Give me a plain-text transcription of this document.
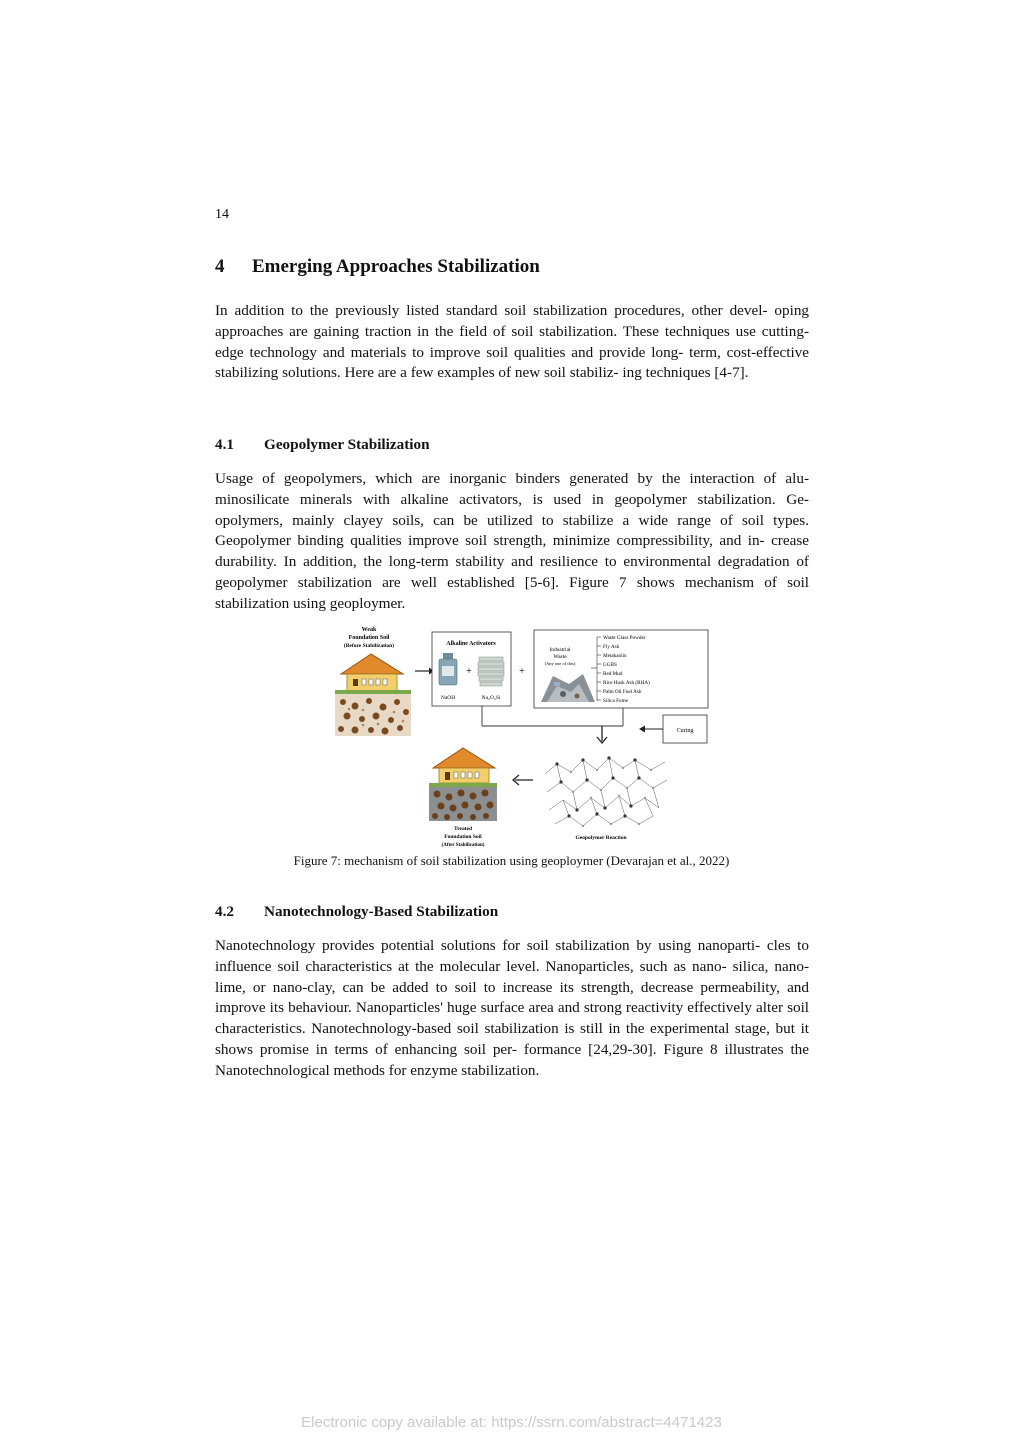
14
4 Emerging Approaches Stabilization

In addition to the previously listed standard soil stabilization procedures, other devel- oping approaches are gaining traction in the field of soil stabilization. These techniques use cutting-edge technology and materials to improve soil qualities and provide long- term, cost-effective stabilizing solutions. Here are a few examples of new soil stabiliz- ing techniques [4-7].

4.1 Geopolymer Stabilization

Usage of geopolymers, which are inorganic binders generated by the interaction of alu- minosilicate minerals with alkaline activators, is used in geopolymer stabilization. Ge- opolymers, mainly clayey soils, can be utilized to stabilize a wide range of soil types. Geopolymer binding qualities improve soil strength, minimize compressibility, and in- crease durability. In addition, the long-term stability and resilience to environmental degradation of geopolymer stabilization are well established [5-6]. Figure 7 shows mechanism of soil stabilization using geoploymer.

Weak
Foundation Soil
(Before Stabilization)	Alkaline Activators
+
NaOH	Na₂O₂Si
+
Industrial
Waste
(Any one of this)
Waste Glass Powder
Fly Ash
Metakaolin
GGBS
Red Mud
Rice Husk Ash (RHA)
Palm Oil Fuel Ash
Silica Fume
Curing
Geopolymer Reaction
Treated
Foundation Soil
(After Stabilization)
Figure 7: mechanism of soil stabilization using geoploymer (Devarajan et al., 2022)
4.2 Nanotechnology-Based Stabilization

Nanotechnology provides potential solutions for soil stabilization by using nanoparti- cles to influence soil characteristics at the molecular level. Nanoparticles, such as nano- silica, nano-lime, or nano-clay, can be added to soil to increase its strength, decrease permeability, and improve its behaviour. Nanoparticles' huge surface area and strong reactivity effectively alter soil characteristics. Nanotechnology-based soil stabilization is still in the experimental stage, but it shows promise in terms of enhancing soil per- formance [24,29-30]. Figure 8 illustrates the Nanotechnological methods for enzyme stabilization.

Electronic copy available at: https://ssrn.com/abstract=4471423
